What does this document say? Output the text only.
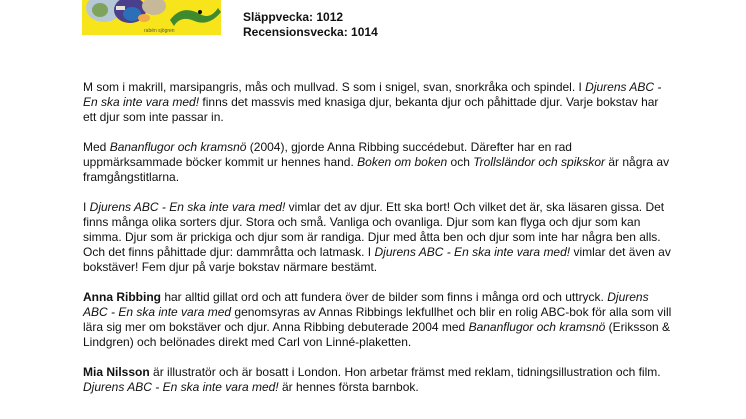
rabén sjögren
Släppvecka: 1012
Recensionsvecka: 1014

M som i makrill, marsipangris, mås och mullvad. S som i snigel, svan, snorkråka och spindel. I Djurens ABC - En ska inte vara med! finns det massvis med knasiga djur, bekanta djur och påhittade djur. Varje bokstav har ett djur som inte passar in.

Med Bananflugor och kramsnö (2004), gjorde Anna Ribbing succédebut. Därefter har en rad uppmärksammade böcker kommit ur hennes hand. Boken om boken och Trollsländor och spikskor är några av framgångstitlarna.

I Djurens ABC - En ska inte vara med! vimlar det av djur. Ett ska bort! Och vilket det är, ska läsaren gissa. Det finns många olika sorters djur. Stora och små. Vanliga och ovanliga. Djur som kan flyga och djur som kan simma. Djur som är prickiga och djur som är randiga. Djur med åtta ben och djur som inte har några ben alls. Och det finns påhittade djur: dammråtta och latmask. I Djurens ABC - En ska inte vara med! vimlar det även av bokstäver! Fem djur på varje bokstav närmare bestämt.

Anna Ribbing har alltid gillat ord och att fundera över de bilder som finns i många ord och uttryck. Djurens ABC - En ska inte vara med genomsyras av Annas Ribbings lekfullhet och blir en rolig ABC-bok för alla som vill lära sig mer om bokstäver och djur. Anna Ribbing debuterade 2004 med Bananflugor och kramsnö (Eriksson & Lindgren) och belönades direkt med Carl von Linné-plaketten.

Mia Nilsson är illustratör och är bosatt i London. Hon arbetar främst med reklam, tidningsillustration och film. Djurens ABC - En ska inte vara med! är hennes första barnbok.
